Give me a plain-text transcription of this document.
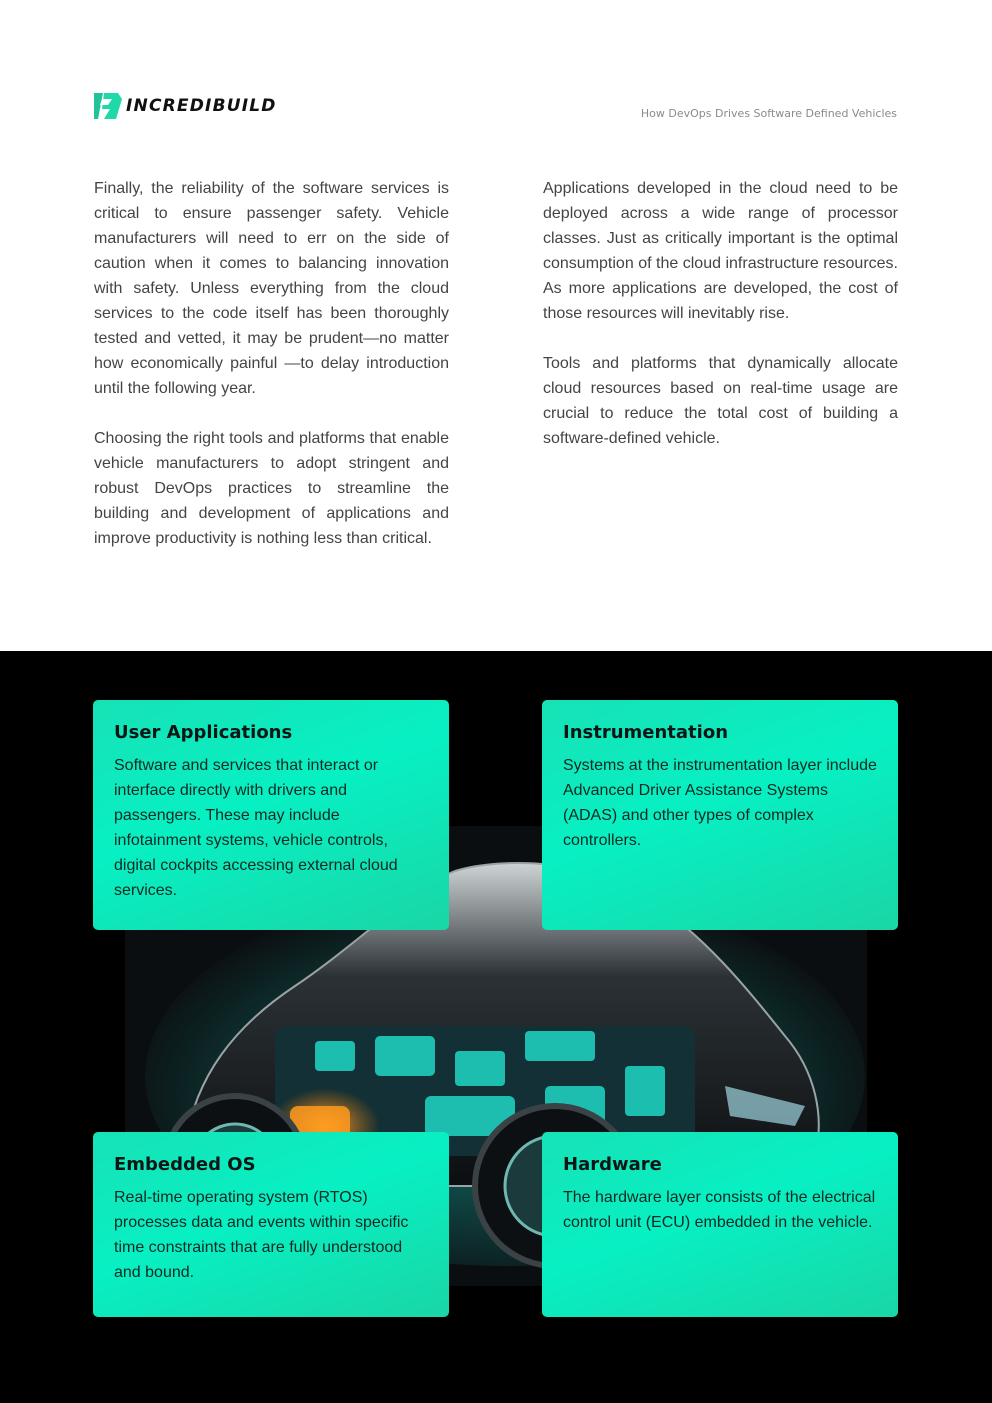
INCREDIBUILD	How DevOps Drives Software Defined Vehicles

Finally, the reliability of the software services is critical to ensure passenger safety. Vehicle manufacturers will need to err on the side of caution when it comes to balancing innovation with safety. Unless everything from the cloud services to the code itself has been thoroughly tested and vetted, it may be prudent—no matter how economically painful —to delay introduction until the following year.

Choosing the right tools and platforms that enable vehicle manufacturers to adopt stringent and robust DevOps practices to streamline the building and development of applications and improve productivity is nothing less than critical.

Applications developed in the cloud need to be deployed across a wide range of processor classes. Just as critically important is the optimal consumption of the cloud infrastructure resources. As more applications are developed, the cost of those resources will inevitably rise.

Tools and platforms that dynamically allocate cloud resources based on real-time usage are crucial to reduce the total cost of building a software-defined vehicle.

User Applications

Software and services that interact or interface directly with drivers and passengers. These may include infotainment systems, vehicle controls, digital cockpits accessing external cloud services.

Instrumentation

Systems at the instrumentation layer include Advanced Driver Assistance Systems (ADAS) and other types of complex controllers.

Embedded OS

Real-time operating system (RTOS) processes data and events within specific time constraints that are fully understood and bound.

Hardware

The hardware layer consists of the electrical control unit (ECU) embedded in the vehicle.
